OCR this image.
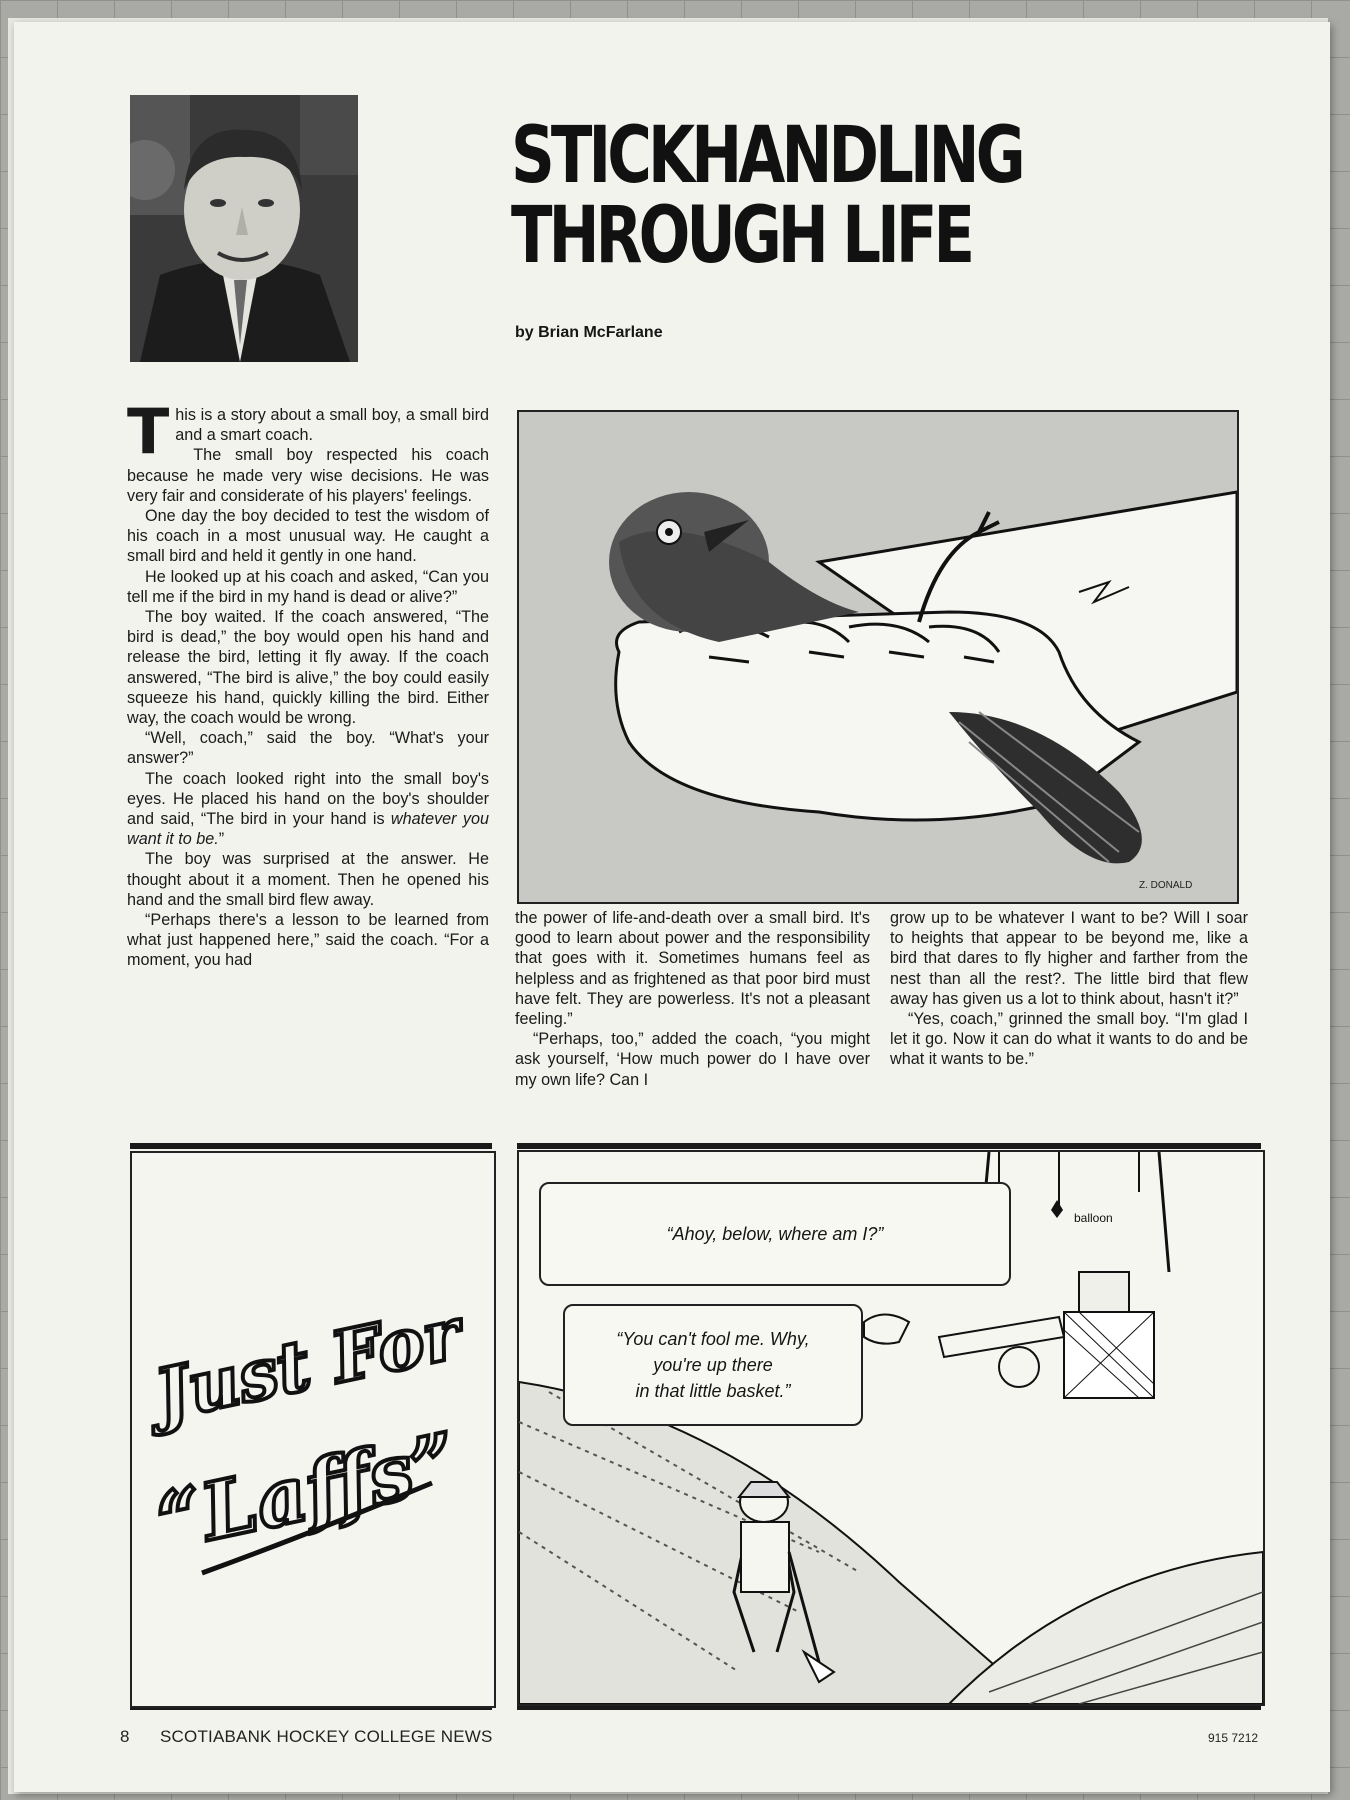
STICKHANDLING
THROUGH LIFE
by Brian McFarlane

This is a story about a small boy, a small bird and a smart coach.

The small boy respected his coach because he made very wise decisions. He was very fair and considerate of his players' feelings.

One day the boy decided to test the wisdom of his coach in a most unusual way. He caught a small bird and held it gently in one hand.

He looked up at his coach and asked, “Can you tell me if the bird in my hand is dead or alive?”

The boy waited. If the coach answered, “The bird is dead,” the boy would open his hand and release the bird, letting it fly away. If the coach answered, “The bird is alive,” the boy could easily squeeze his hand, quickly killing the bird. Either way, the coach would be wrong.

“Well, coach,” said the boy. “What's your answer?”

The coach looked right into the small boy's eyes. He placed his hand on the boy's shoulder and said, “The bird in your hand is whatever you want it to be.”

The boy was surprised at the answer. He thought about it a moment. Then he opened his hand and the small bird flew away.

“Perhaps there's a lesson to be learned from what just happened here,” said the coach. “For a moment, you had

Z. DONALD

the power of life-and-death over a small bird. It's good to learn about power and the responsibility that goes with it. Sometimes humans feel as helpless and as frightened as that poor bird must have felt. They are powerless. It's not a pleasant feeling.”

“Perhaps, too,” added the coach, “you might ask yourself, ‘How much power do I have over my own life? Can I

grow up to be whatever I want to be? Will I soar to heights that appear to be beyond me, like a bird that dares to fly higher and farther from the nest than all the rest?. The little bird that flew away has given us a lot to think about, hasn't it?”

“Yes, coach,” grinned the small boy. “I'm glad I let it go. Now it can do what it wants to do and be what it wants to be.”

Just For
“Laffs”
balloon
“Ahoy, below, where am I?”
“You can't fool me. Why,
you're up there
in that little basket.”
8 SCOTIABANK HOCKEY COLLEGE NEWS	915 7212
